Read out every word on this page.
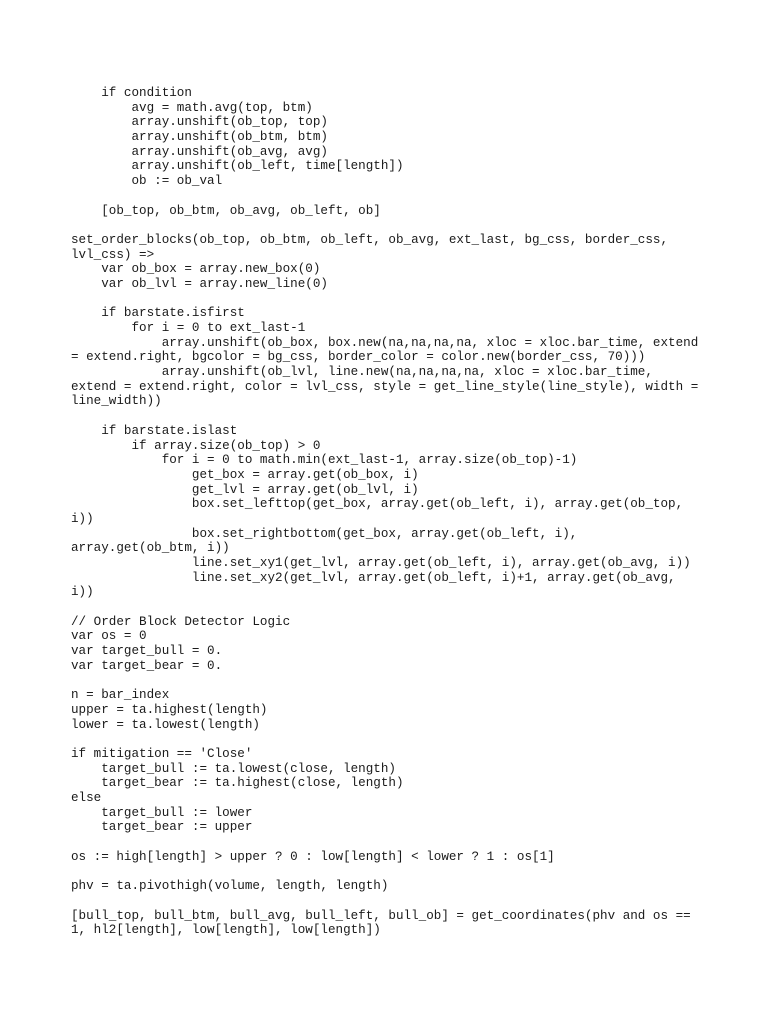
if condition
avg = math.avg(top, btm)
array.unshift(ob_top, top)
array.unshift(ob_btm, btm)
array.unshift(ob_avg, avg)
array.unshift(ob_left, time[length])
ob := ob_val

[ob_top, ob_btm, ob_avg, ob_left, ob]

set_order_blocks(ob_top, ob_btm, ob_left, ob_avg, ext_last, bg_css, border_css,
lvl_css) =>
var ob_box = array.new_box(0)
var ob_lvl = array.new_line(0)

if barstate.isfirst
for i = 0 to ext_last-1
array.unshift(ob_box, box.new(na,na,na,na, xloc = xloc.bar_time, extend
= extend.right, bgcolor = bg_css, border_color = color.new(border_css, 70)))
array.unshift(ob_lvl, line.new(na,na,na,na, xloc = xloc.bar_time,
extend = extend.right, color = lvl_css, style = get_line_style(line_style), width =
line_width))

if barstate.islast
if array.size(ob_top) > 0
for i = 0 to math.min(ext_last-1, array.size(ob_top)-1)
get_box = array.get(ob_box, i)
get_lvl = array.get(ob_lvl, i)
box.set_lefttop(get_box, array.get(ob_left, i), array.get(ob_top,
i))
box.set_rightbottom(get_box, array.get(ob_left, i),
array.get(ob_btm, i))
line.set_xy1(get_lvl, array.get(ob_left, i), array.get(ob_avg, i))
line.set_xy2(get_lvl, array.get(ob_left, i)+1, array.get(ob_avg,
i))

// Order Block Detector Logic
var os = 0
var target_bull = 0.
var target_bear = 0.

n = bar_index
upper = ta.highest(length)
lower = ta.lowest(length)

if mitigation == 'Close'
target_bull := ta.lowest(close, length)
target_bear := ta.highest(close, length)
else
target_bull := lower
target_bear := upper

os := high[length] > upper ? 0 : low[length] < lower ? 1 : os[1]

phv = ta.pivothigh(volume, length, length)

[bull_top, bull_btm, bull_avg, bull_left, bull_ob] = get_coordinates(phv and os ==
1, hl2[length], low[length], low[length])
